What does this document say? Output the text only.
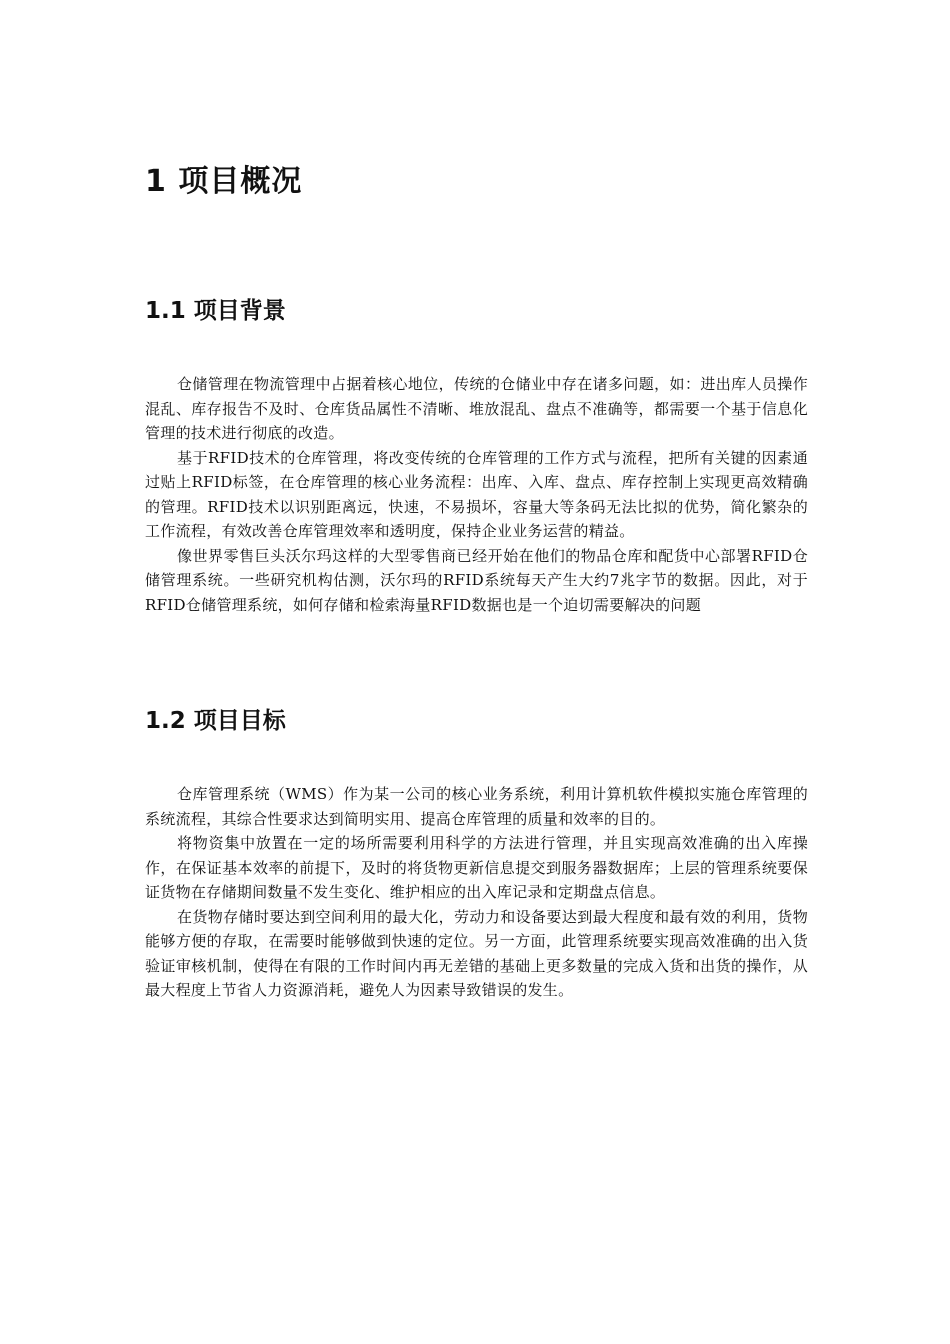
1 项目概况
1.1 项目背景

仓储管理在物流管理中占据着核心地位，传统的仓储业中存在诸多问题，如：进出库人员操作混乱、库存报告不及时、仓库货品属性不清晰、堆放混乱、盘点不准确等，都需要一个基于信息化管理的技术进行彻底的改造。

基于RFID技术的仓库管理，将改变传统的仓库管理的工作方式与流程，把所有关键的因素通过贴上RFID标签，在仓库管理的核心业务流程：出库、入库、盘点、库存控制上实现更高效精确的管理。RFID技术以识别距离远，快速，不易损坏，容量大等条码无法比拟的优势，简化繁杂的工作流程，有效改善仓库管理效率和透明度，保持企业业务运营的精益。

像世界零售巨头沃尔玛这样的大型零售商已经开始在他们的物品仓库和配货中心部署RFID仓储管理系统。一些研究机构估测，沃尔玛的RFID系统每天产生大约7兆字节的数据。因此，对于RFID仓储管理系统，如何存储和检索海量RFID数据也是一个迫切需要解决的问题

1.2 项目目标

仓库管理系统（WMS）作为某一公司的核心业务系统，利用计算机软件模拟实施仓库管理的系统流程，其综合性要求达到简明实用、提高仓库管理的质量和效率的目的。

将物资集中放置在一定的场所需要利用科学的方法进行管理，并且实现高效准确的出入库操作，在保证基本效率的前提下，及时的将货物更新信息提交到服务器数据库；上层的管理系统要保证货物在存储期间数量不发生变化、维护相应的出入库记录和定期盘点信息。

在货物存储时要达到空间利用的最大化，劳动力和设备要达到最大程度和最有效的利用，货物能够方便的存取，在需要时能够做到快速的定位。另一方面，此管理系统要实现高效准确的出入货验证审核机制，使得在有限的工作时间内再无差错的基础上更多数量的完成入货和出货的操作，从最大程度上节省人力资源消耗，避免人为因素导致错误的发生。
